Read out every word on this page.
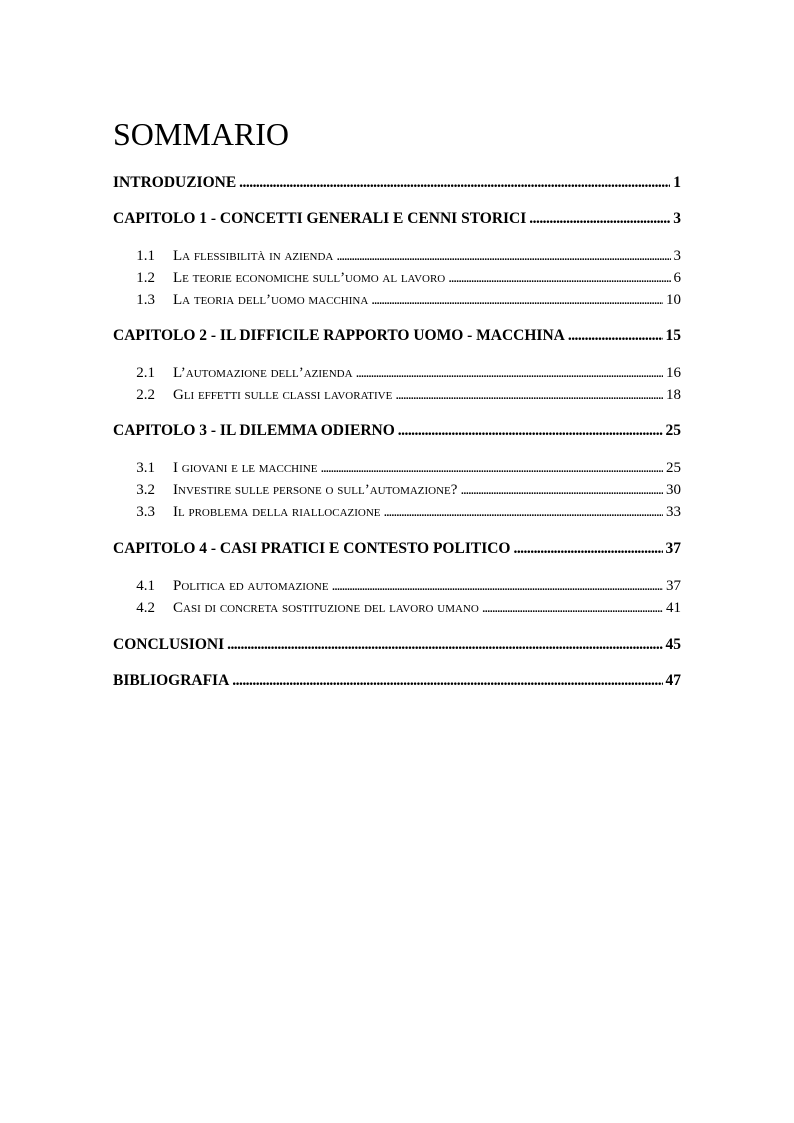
SOMMARIO
INTRODUZIONE . . .	1
CAPITOLO 1 - CONCETTI GENERALI E CENNI STORICI . . .	3
1.1 La flessibilità in azienda . . .	3
1.2 Le teorie economiche sull’uomo al lavoro . . .	6
1.3 La teoria dell’uomo macchina . . .	10
CAPITOLO 2 - IL DIFFICILE RAPPORTO UOMO - MACCHINA . . .	15
2.1 L’automazione dell’azienda . . .	16
2.2 Gli effetti sulle classi lavorative . . .	18
CAPITOLO 3 - IL DILEMMA ODIERNO . . .	25
3.1 I giovani e le macchine . . .	25
3.2 Investire sulle persone o sull’automazione? . . .	30
3.3 Il problema della riallocazione . . .	33
CAPITOLO 4 - CASI PRATICI E CONTESTO POLITICO . . .	37
4.1 Politica ed automazione . . .	37
4.2 Casi di concreta sostituzione del lavoro umano . . .	41
CONCLUSIONI . . .	45
BIBLIOGRAFIA . . .	47
